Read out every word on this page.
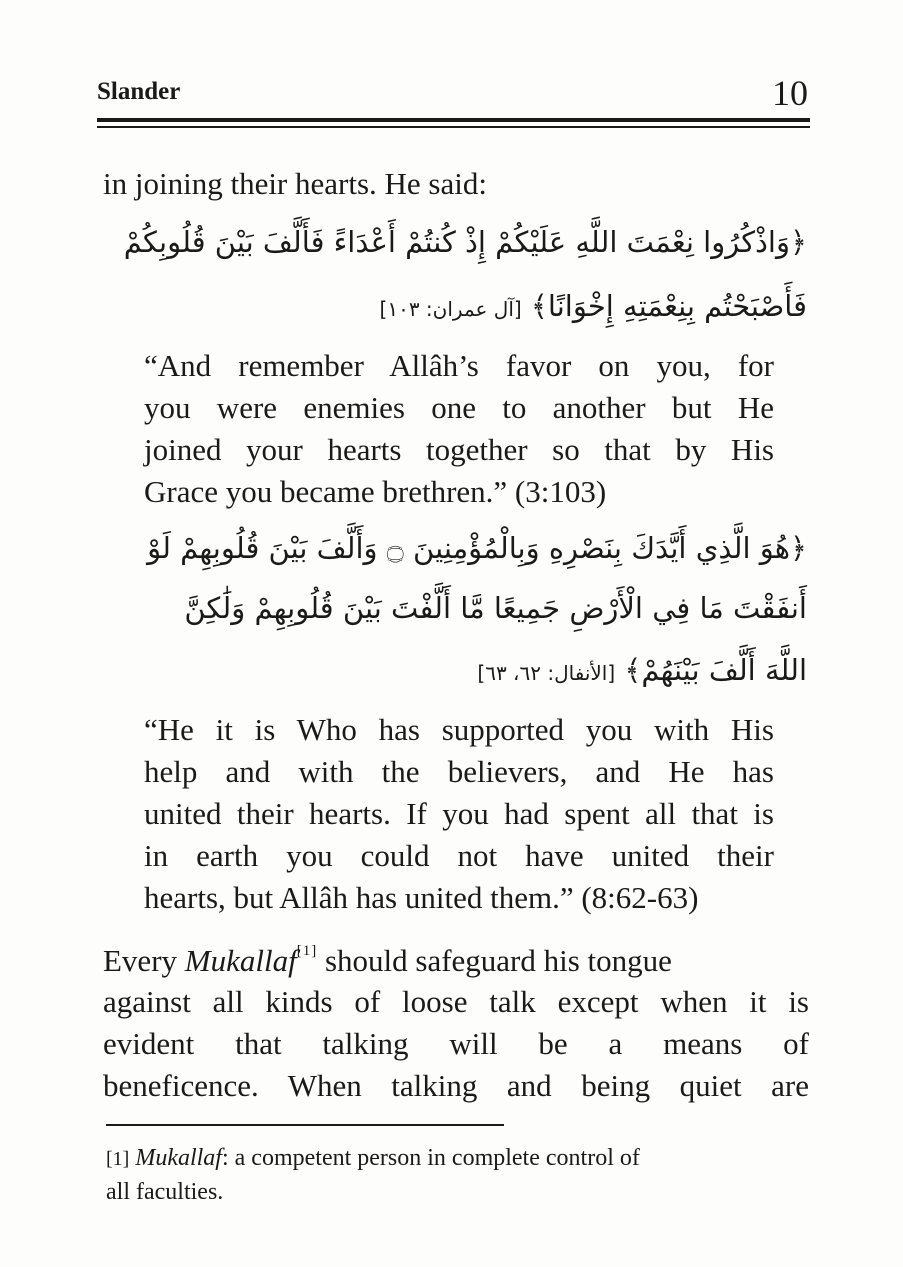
Slander	10
in joining their hearts. He said:
﴿وَاذْكُرُوا نِعْمَتَ اللَّهِ عَلَيْكُمْ إِذْ كُنتُمْ أَعْدَاءً فَأَلَّفَ بَيْنَ قُلُوبِكُمْ
فَأَصْبَحْتُم بِنِعْمَتِهِ إِخْوَانًا﴾ [آل عمران: ١٠٣]
“And remember Allâh’s favor on you, for
you were enemies one to another but He
joined your hearts together so that by His
Grace you became brethren.” (3:103)
﴿هُوَ الَّذِي أَيَّدَكَ بِنَصْرِهِ وَبِالْمُؤْمِنِينَ ۝ وَأَلَّفَ بَيْنَ قُلُوبِهِمْ لَوْ
أَنفَقْتَ مَا فِي الْأَرْضِ جَمِيعًا مَّا أَلَّفْتَ بَيْنَ قُلُوبِهِمْ وَلَٰكِنَّ
اللَّهَ أَلَّفَ بَيْنَهُمْ﴾ [الأنفال: ٦٢، ٦٣]
“He it is Who has supported you with His
help and with the believers, and He has
united their hearts. If you had spent all that is
in earth you could not have united their
hearts, but Allâh has united them.” (8:62-63)
Every Mukallaf[1] should safeguard his tongue
against all kinds of loose talk except when it is
evident that talking will be a means of
beneficence. When talking and being quiet are
[1] Mukallaf: a competent person in complete control of
all faculties.
